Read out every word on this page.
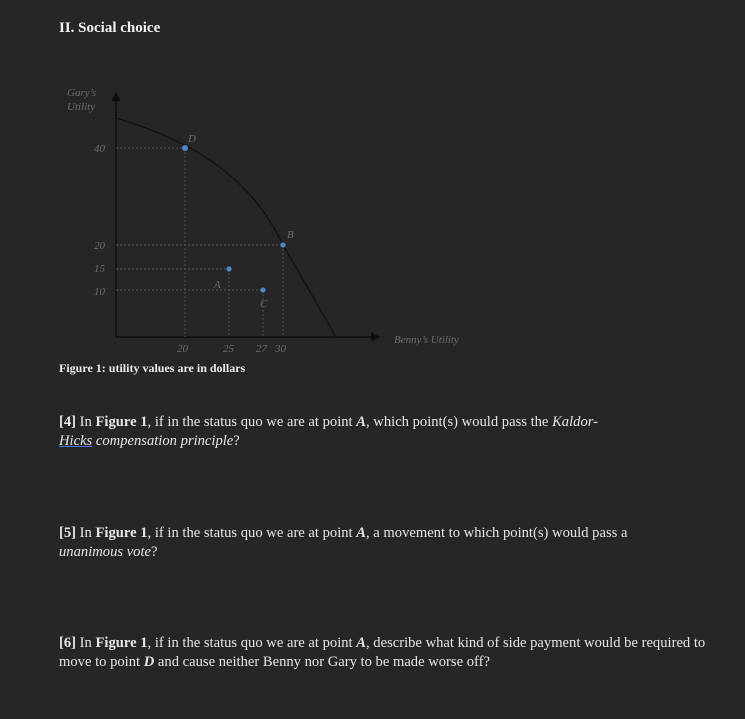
II. Social choice
Gary’s
Utility
Benny’s Utility
40
20
15
10
20	25 27 30
D
B
A
C
Figure 1: utility values are in dollars
[4] In Figure 1, if in the status quo we are at point A, which point(s) would pass the Kaldor-
Hicks compensation principle?
[5] In Figure 1, if in the status quo we are at point A, a movement to which point(s) would pass a
unanimous vote?
[6] In Figure 1, if in the status quo we are at point A, describe what kind of side payment would be required to move to point D and cause neither Benny nor Gary to be made worse off?
